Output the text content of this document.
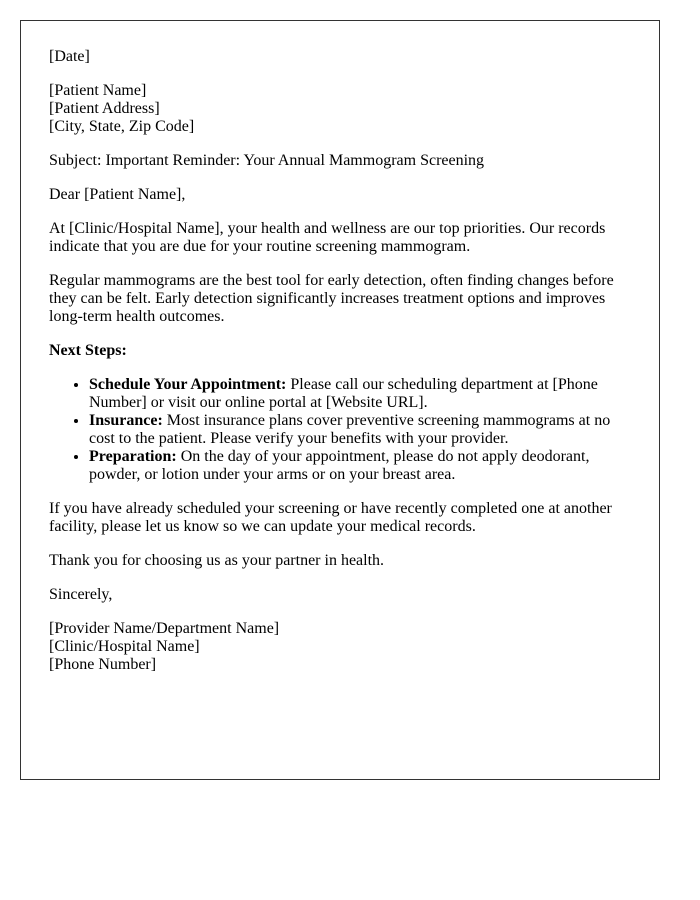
[Date]

[Patient Name]
[Patient Address]
[City, State, Zip Code]

Subject: Important Reminder: Your Annual Mammogram Screening

Dear [Patient Name],

At [Clinic/Hospital Name], your health and wellness are our top priorities. Our records indicate that you are due for your routine screening mammogram.

Regular mammograms are the best tool for early detection, often finding changes before they can be felt. Early detection significantly increases treatment options and improves long-term health outcomes.

Next Steps:

• Schedule Your Appointment: Please call our scheduling department at [Phone Number] or visit our online portal at [Website URL].
• Insurance: Most insurance plans cover preventive screening mammograms at no cost to the patient. Please verify your benefits with your provider.
• Preparation: On the day of your appointment, please do not apply deodorant, powder, or lotion under your arms or on your breast area.

If you have already scheduled your screening or have recently completed one at another facility, please let us know so we can update your medical records.

Thank you for choosing us as your partner in health.

Sincerely,

[Provider Name/Department Name]
[Clinic/Hospital Name]
[Phone Number]
